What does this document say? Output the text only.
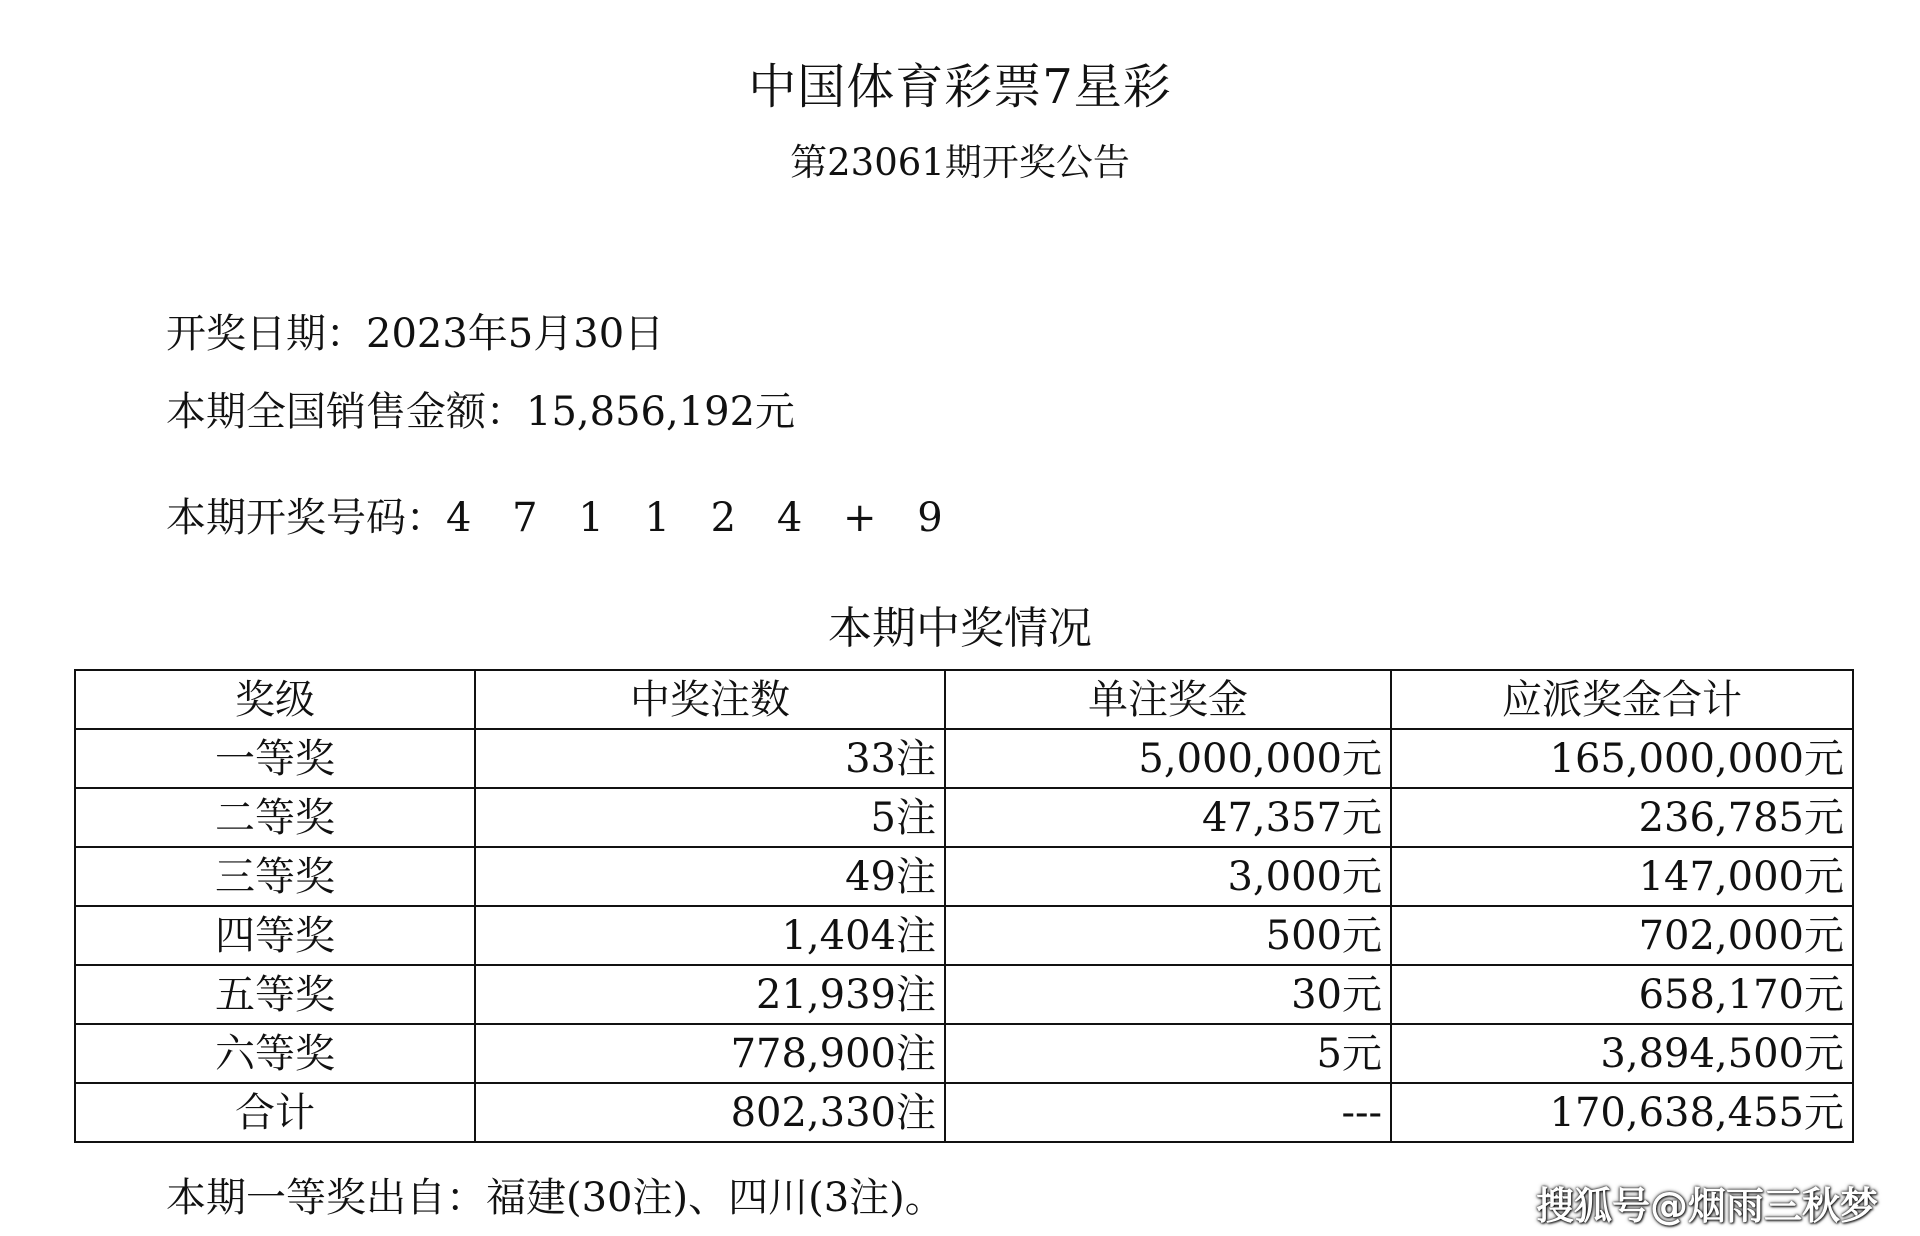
中国体育彩票7星彩
第23061期开奖公告
开奖日期：2023年5月30日
本期全国销售金额：15,856,192元
本期开奖号码：4 7 1 1 2 4 + 9
本期中奖情况
奖级	中奖注数	单注奖金	应派奖金合计
一等奖	33注	5,000,000元	165,000,000元
二等奖	5注	47,357元	236,785元
三等奖	49注	3,000元	147,000元
四等奖	1,404注	500元	702,000元
五等奖	21,939注	30元	658,170元
六等奖	778,900注	5元	3,894,500元
合计	802,330注	---	170,638,455元
本期一等奖出自：福建(30注)、四川(3注)。	搜狐号@烟雨三秋梦
